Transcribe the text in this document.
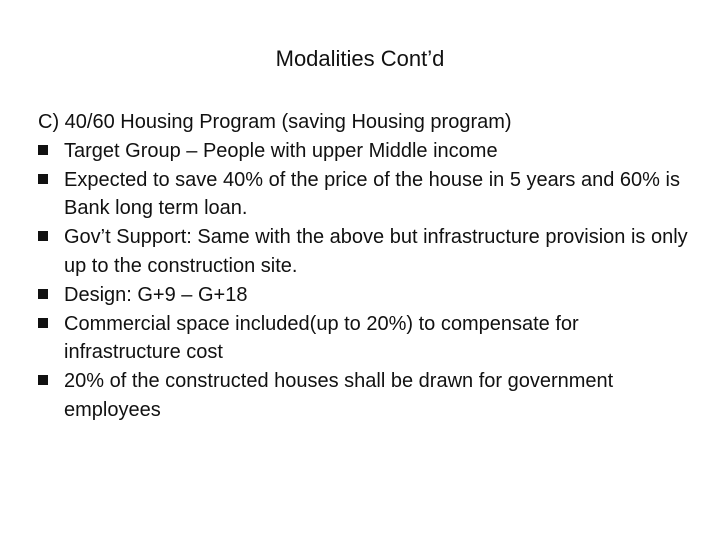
Modalities Cont’d
C) 40/60 Housing Program (saving Housing program)
Target Group – People with upper Middle income
Expected to save 40% of the price of the house in 5 years and 60% is Bank long term loan.
Gov’t Support: Same with the above but infrastructure provision is only up to the construction site.
Design: G+9 – G+18
Commercial space included(up to 20%) to compensate for infrastructure cost
20% of the constructed houses shall be drawn for government employees
